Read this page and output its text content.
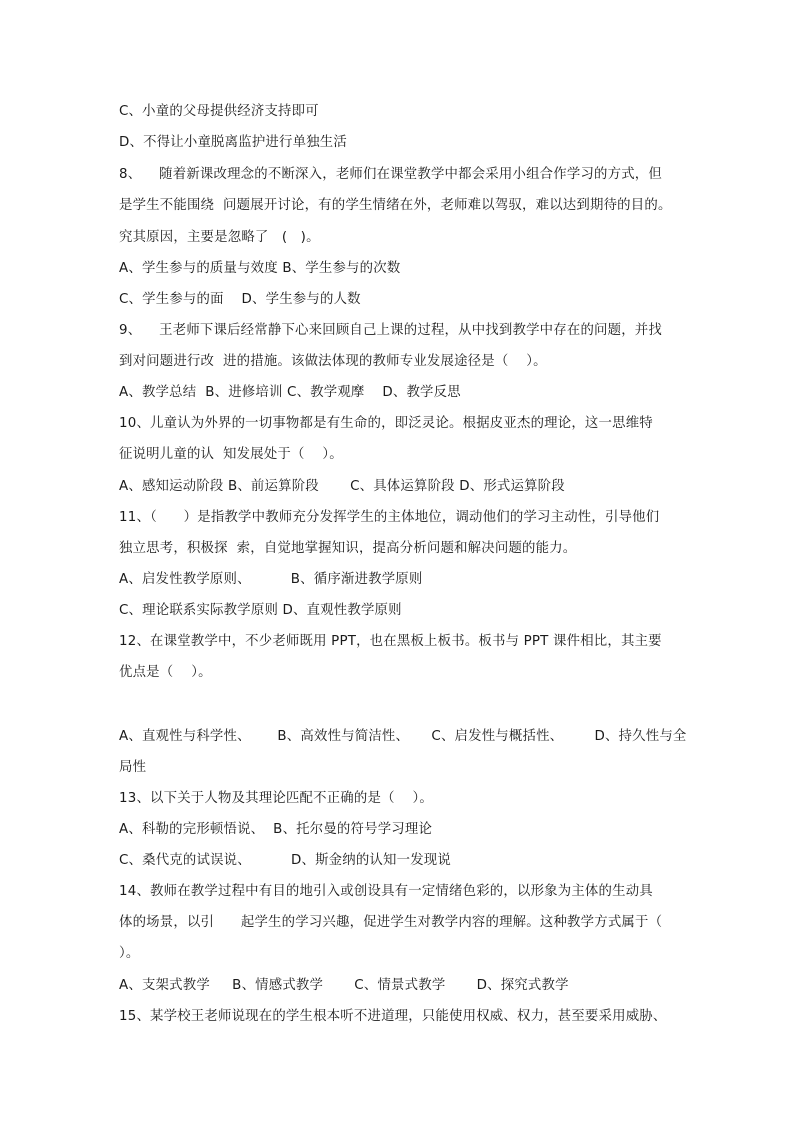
C、小童的父母提供经济支持即可
D、不得让小童脱离监护进行单独生活
8、    随着新课改理念的不断深入，老师们在课堂教学中都会采用小组合作学习的方式，但
是学生不能围绕  问题展开讨论，有的学生情绪在外，老师难以驾驭，难以达到期待的目的。
究其原因，主要是忽略了   (   )。
A、学生参与的质量与效度 B、学生参与的次数
C、学生参与的面    D、学生参与的人数
9、    王老师下课后经常静下心来回顾自己上课的过程，从中找到教学中存在的问题，并找
到对问题进行改  进的措施。该做法体现的教师专业发展途径是（    ）。
A、教学总结  B、进修培训 C、教学观摩    D、教学反思
10、儿童认为外界的一切事物都是有生命的，即泛灵论。根据皮亚杰的理论，这一思维特
征说明儿童的认  知发展处于（    ）。
A、感知运动阶段 B、前运算阶段       C、具体运算阶段 D、形式运算阶段
11、（      ）是指教学中教师充分发挥学生的主体地位，调动他们的学习主动性，引导他们
独立思考，积极探  索，自觉地掌握知识，提高分析问题和解决问题的能力。
A、启发性教学原则、         B、循序渐进教学原则
C、理论联系实际教学原则 D、直观性教学原则
12、在课堂教学中，不少老师既用 PPT，也在黑板上板书。板书与 PPT 课件相比，其主要
优点是（    ）。
A、直观性与科学性、      B、高效性与简洁性、     C、启发性与概括性、       D、持久性与全
局性
13、以下关于人物及其理论匹配不正确的是（    ）。
A、科勒的完形顿悟说、  B、托尔曼的符号学习理论
C、桑代克的试误说、         D、斯金纳的认知一发现说
14、教师在教学过程中有目的地引入或创设具有一定情绪色彩的，以形象为主体的生动具
体的场景，以引      起学生的学习兴趣，促进学生对教学内容的理解。这种教学方式属于（
）。
A、支架式教学     B、情感式教学       C、情景式教学       D、探究式教学
15、某学校王老师说现在的学生根本听不进道理，只能使用权威、权力，甚至要采用威胁、
